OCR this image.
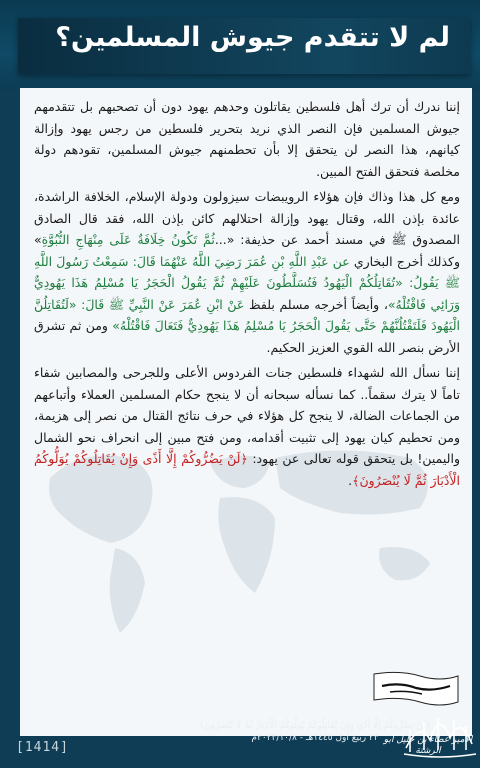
لم لا تتقدم جيوش المسلمين؟

إننا ندرك أن ترك أهل فلسطين يقاتلون وحدهم يهود دون أن تصحبهم بل تتقدمهم جيوش المسلمين فإن النصر الذي نريد بتحرير فلسطين من رجس يهود وإزالة كيانهم، هذا النصر لن يتحقق إلا بأن تحطمنهم جيوش المسلمين، تقودهم دولة مخلصة فتحقق الفتح المبين.

ومع كل هذا وذاك فإن هؤلاء الرويبضات سيزولون ودولة الإسلام، الخلافة الراشدة، عائدة بإذن الله، وقتال يهود وإزالة احتلالهم كائن بإذن الله، فقد قال الصادق المصدوق ﷺ في مسند أحمد عن حذيفة: «...ثُمَّ تَكُونُ خِلَافَةٌ عَلَى مِنْهَاجِ النُّبُوَّةِ» وكذلك أخرج البخاري عن عَبْدِ اللَّهِ بْنِ عُمَرَ رَضِيَ اللَّهُ عَنْهُمَا قَالَ: سَمِعْتُ رَسُولَ اللَّهِ ﷺ يَقُولُ: «تُقَاتِلُكُمْ الْيَهُودُ فَتُسَلَّطُونَ عَلَيْهِمْ ثُمَّ يَقُولُ الْحَجَرُ يَا مُسْلِمُ هَذَا يَهُودِيٌّ وَرَائِي فَاقْتُلْهُ»، وأيضاً أخرجه مسلم بلفظ عَنْ ابْنِ عُمَرَ عَنْ النَّبِيِّ ﷺ قَالَ: «لَتُقَاتِلُنَّ الْيَهُودَ فَلَتَقْتُلُنَّهُمْ حَتَّى يَقُولَ الْحَجَرُ يَا مُسْلِمُ هَذَا يَهُودِيٌّ فَتَعَالَ فَاقْتُلْهُ» ومن ثم تشرق الأرض بنصر الله القوي العزيز الحكيم.

إننا نسأل الله لشهداء فلسطين جنات الفردوس الأعلى وللجرحى والمصابين شفاء تاماً لا يترك سقماً.. كما نسأله سبحانه أن لا ينجح حكام المسلمين العملاء وأتباعهم من الجماعات الضالة، لا ينجح كل هؤلاء في حرف نتائج القتال من نصر إلى هزيمة، ومن تحطيم كيان يهود إلى تثبيت أقدامه، ومن فتح مبين إلى انحراف نحو الشمال واليمين! بل يتحقق قوله تعالى عن يهود: ﴿لَنْ يَضُرُّوكُمْ إِلَّا أَذًى وَإِنْ يُقَاتِلُوكُمْ يُوَلُّوكُمُ الْأَدْبَارَ ثُمَّ لَا يُنْصَرُونَ﴾.

﴿لَنْ يَضُرُّوكُمْ إِلَّا أَذًى وَإِنْ يُقَاتِلُوكُمْ يُوَلُّوكُمُ الْأَدْبَارَ ثُمَّ لَا يُنْصَرُونَ﴾
٢٣ ربيع أول ١٤٤٥هـ - ٢٠٢٣/١٠/٨م
[1414]	الأمير عطاء بن خليل أبو الرشتة
